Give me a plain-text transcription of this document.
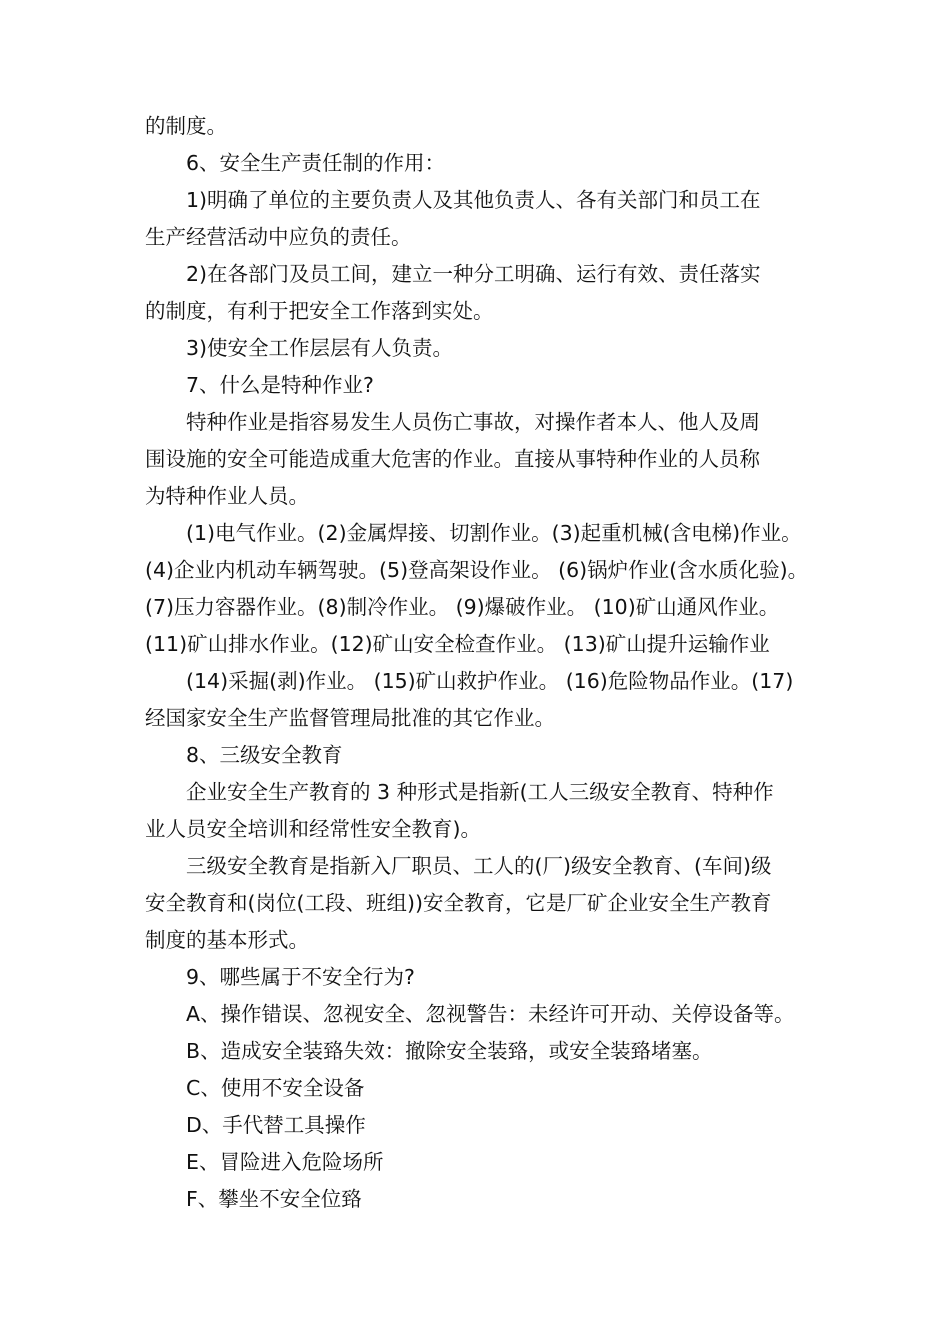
的制度。

6、安全生产责任制的作用：

1)明确了单位的主要负责人及其他负责人、各有关部门和员工在

生产经营活动中应负的责任。

2)在各部门及员工间，建立一种分工明确、运行有效、责任落实

的制度，有利于把安全工作落到实处。

3)使安全工作层层有人负责。

7、什么是特种作业?

特种作业是指容易发生人员伤亡事故，对操作者本人、他人及周

围设施的安全可能造成重大危害的作业。直接从事特种作业的人员称

为特种作业人员。

(1)电气作业。(2)金属焊接、切割作业。(3)起重机械(含电梯)作业。

(4)企业内机动车辆驾驶。(5)登高架设作业。 (6)锅炉作业(含水质化验)。

(7)压力容器作业。(8)制冷作业。 (9)爆破作业。 (10)矿山通风作业。

(11)矿山排水作业。(12)矿山安全检查作业。 (13)矿山提升运输作业

(14)采掘(剥)作业。 (15)矿山救护作业。 (16)危险物品作业。(17)

经国家安全生产监督管理局批准的其它作业。

8、三级安全教育

企业安全生产教育的 3 种形式是指新(工人三级安全教育、特种作

业人员安全培训和经常性安全教育)。

三级安全教育是指新入厂职员、工人的(厂)级安全教育、(车间)级

安全教育和(岗位(工段、班组))安全教育，它是厂矿企业安全生产教育

制度的基本形式。

9、哪些属于不安全行为?

A、操作错误、忽视安全、忽视警告：未经许可开动、关停设备等。

B、造成安全装臵失效：撤除安全装臵，或安全装臵堵塞。

C、使用不安全设备

D、手代替工具操作

E、冒险进入危险场所

F、攀坐不安全位臵
